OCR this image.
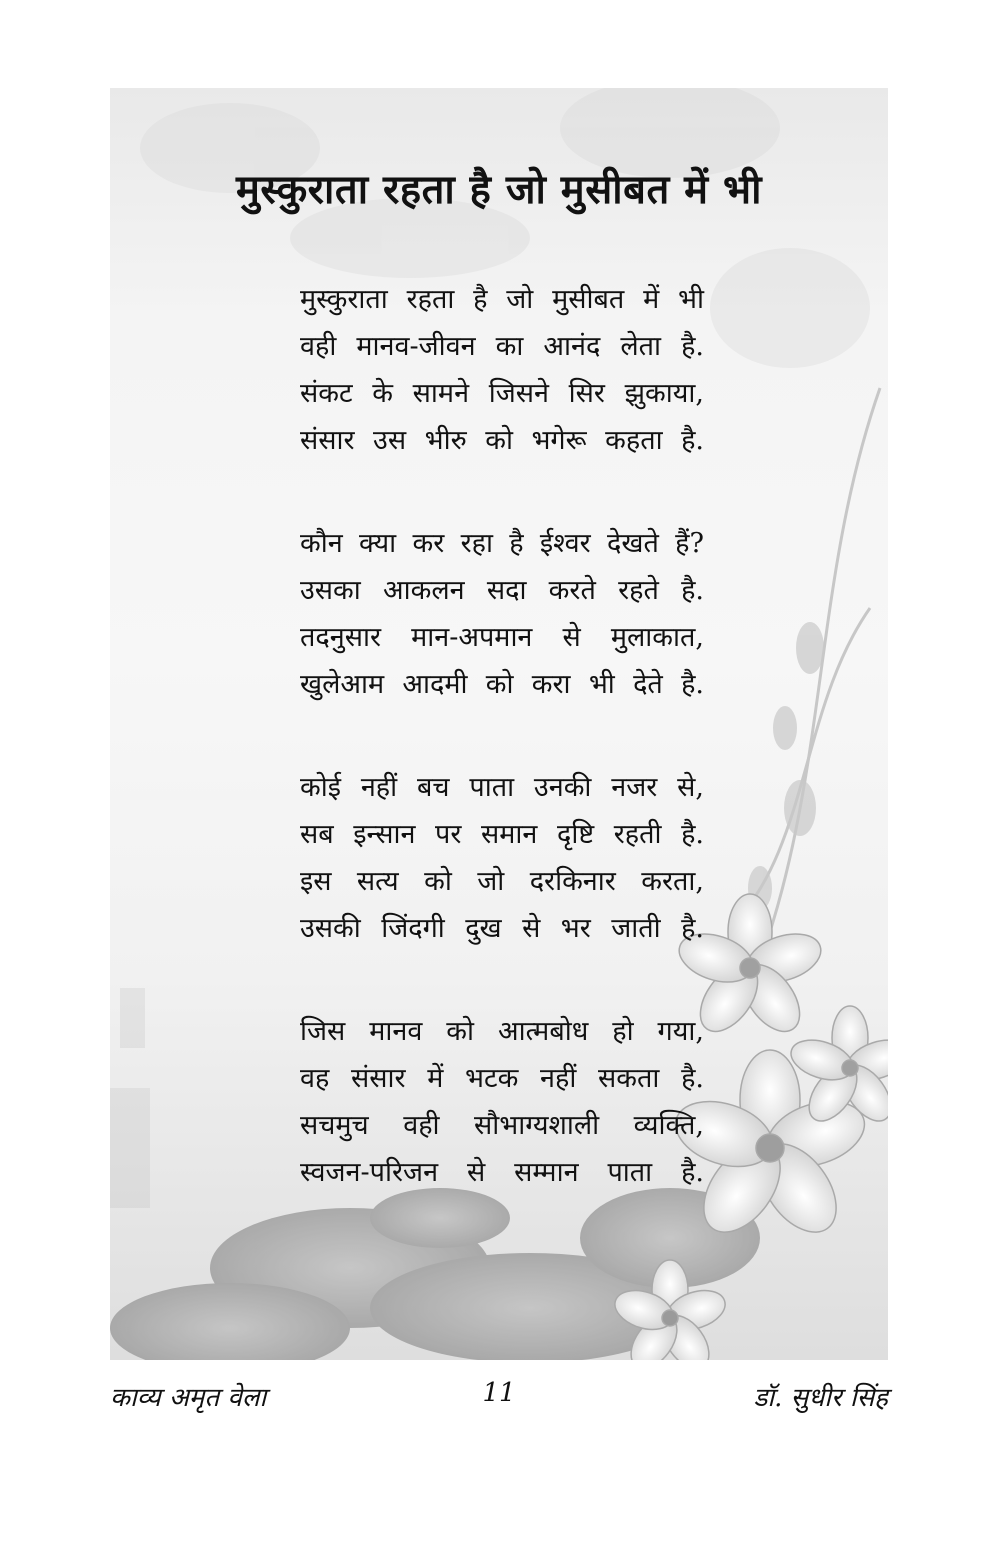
मुस्कुराता रहता है जो मुसीबत में भी
मुस्कुराता रहता है जो मुसीबत में भी
वही मानव-जीवन का आनंद लेता है.
संकट के सामने जिसने सिर झुकाया,
संसार उस भीरु को भगेरू कहता है.
कौन क्या कर रहा है ईश्वर देखते हैं?
उसका आकलन सदा करते रहते है.
तदनुसार मान-अपमान से मुलाकात,
खुलेआम आदमी को करा भी देते है.
कोई नहीं बच पाता उनकी नजर से,
सब इन्सान पर समान दृष्टि रहती है.
इस सत्य को जो दरकिनार करता,
उसकी जिंदगी दुख से भर जाती है.
जिस मानव को आत्मबोध हो गया,
वह संसार में भटक नहीं सकता है.
सचमुच वही सौभाग्यशाली व्यक्ति,
स्वजन-परिजन से सम्मान पाता है.
काव्य अमृत वेला	11	डॉ. सुधीर सिंह
